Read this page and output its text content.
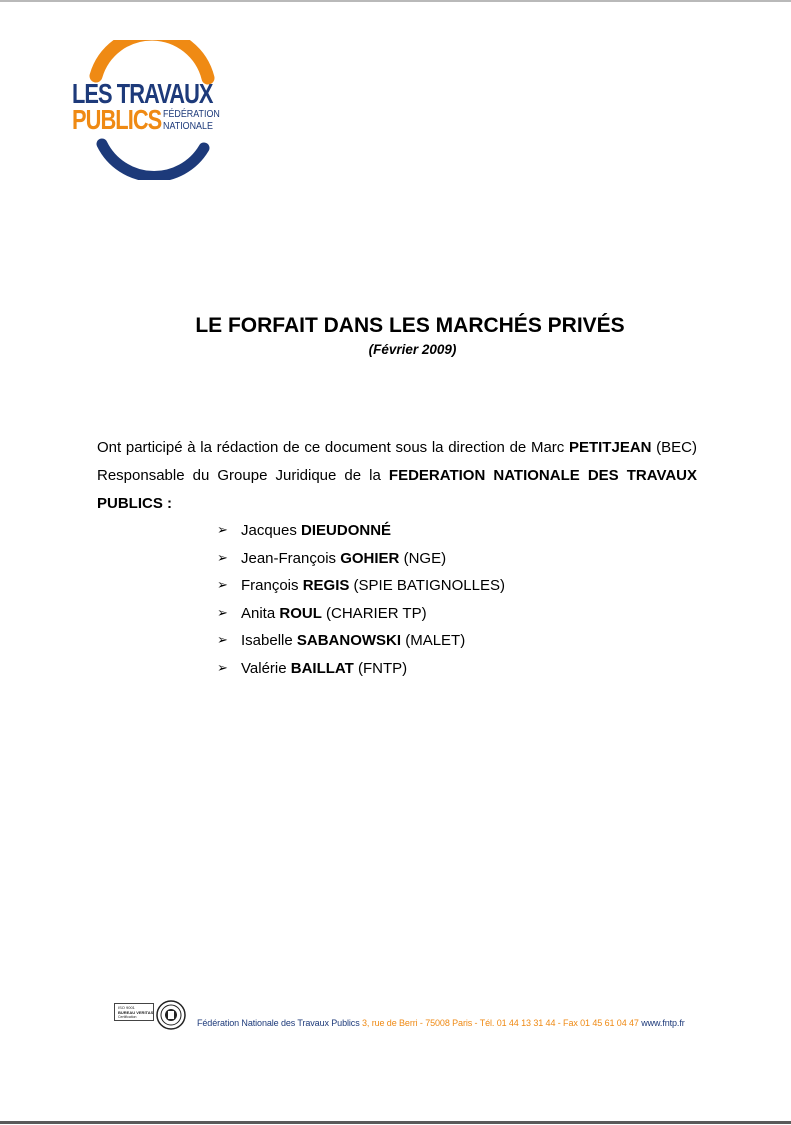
LES TRAVAUX
PUBLICS FÉDÉRATION
NATIONALE
LE FORFAIT DANS LES MARCHÉS PRIVÉS
(Février 2009)
Ont participé à la rédaction de ce document sous la direction de Marc PETITJEAN (BEC) Responsable du Groupe Juridique de la FEDERATION NATIONALE DES TRAVAUX PUBLICS :
➢ Jacques DIEUDONNÉ
➢ Jean-François GOHIER (NGE)
➢ François REGIS (SPIE BATIGNOLLES)
➢ Anita ROUL (CHARIER TP)
➢ Isabelle SABANOWSKI (MALET)
➢ Valérie BAILLAT (FNTP)
ISO 9001
BUREAU VERITAS
Certification
Fédération Nationale des Travaux Publics 3, rue de Berri - 75008 Paris - Tél. 01 44 13 31 44 - Fax 01 45 61 04 47 www.fntp.fr
